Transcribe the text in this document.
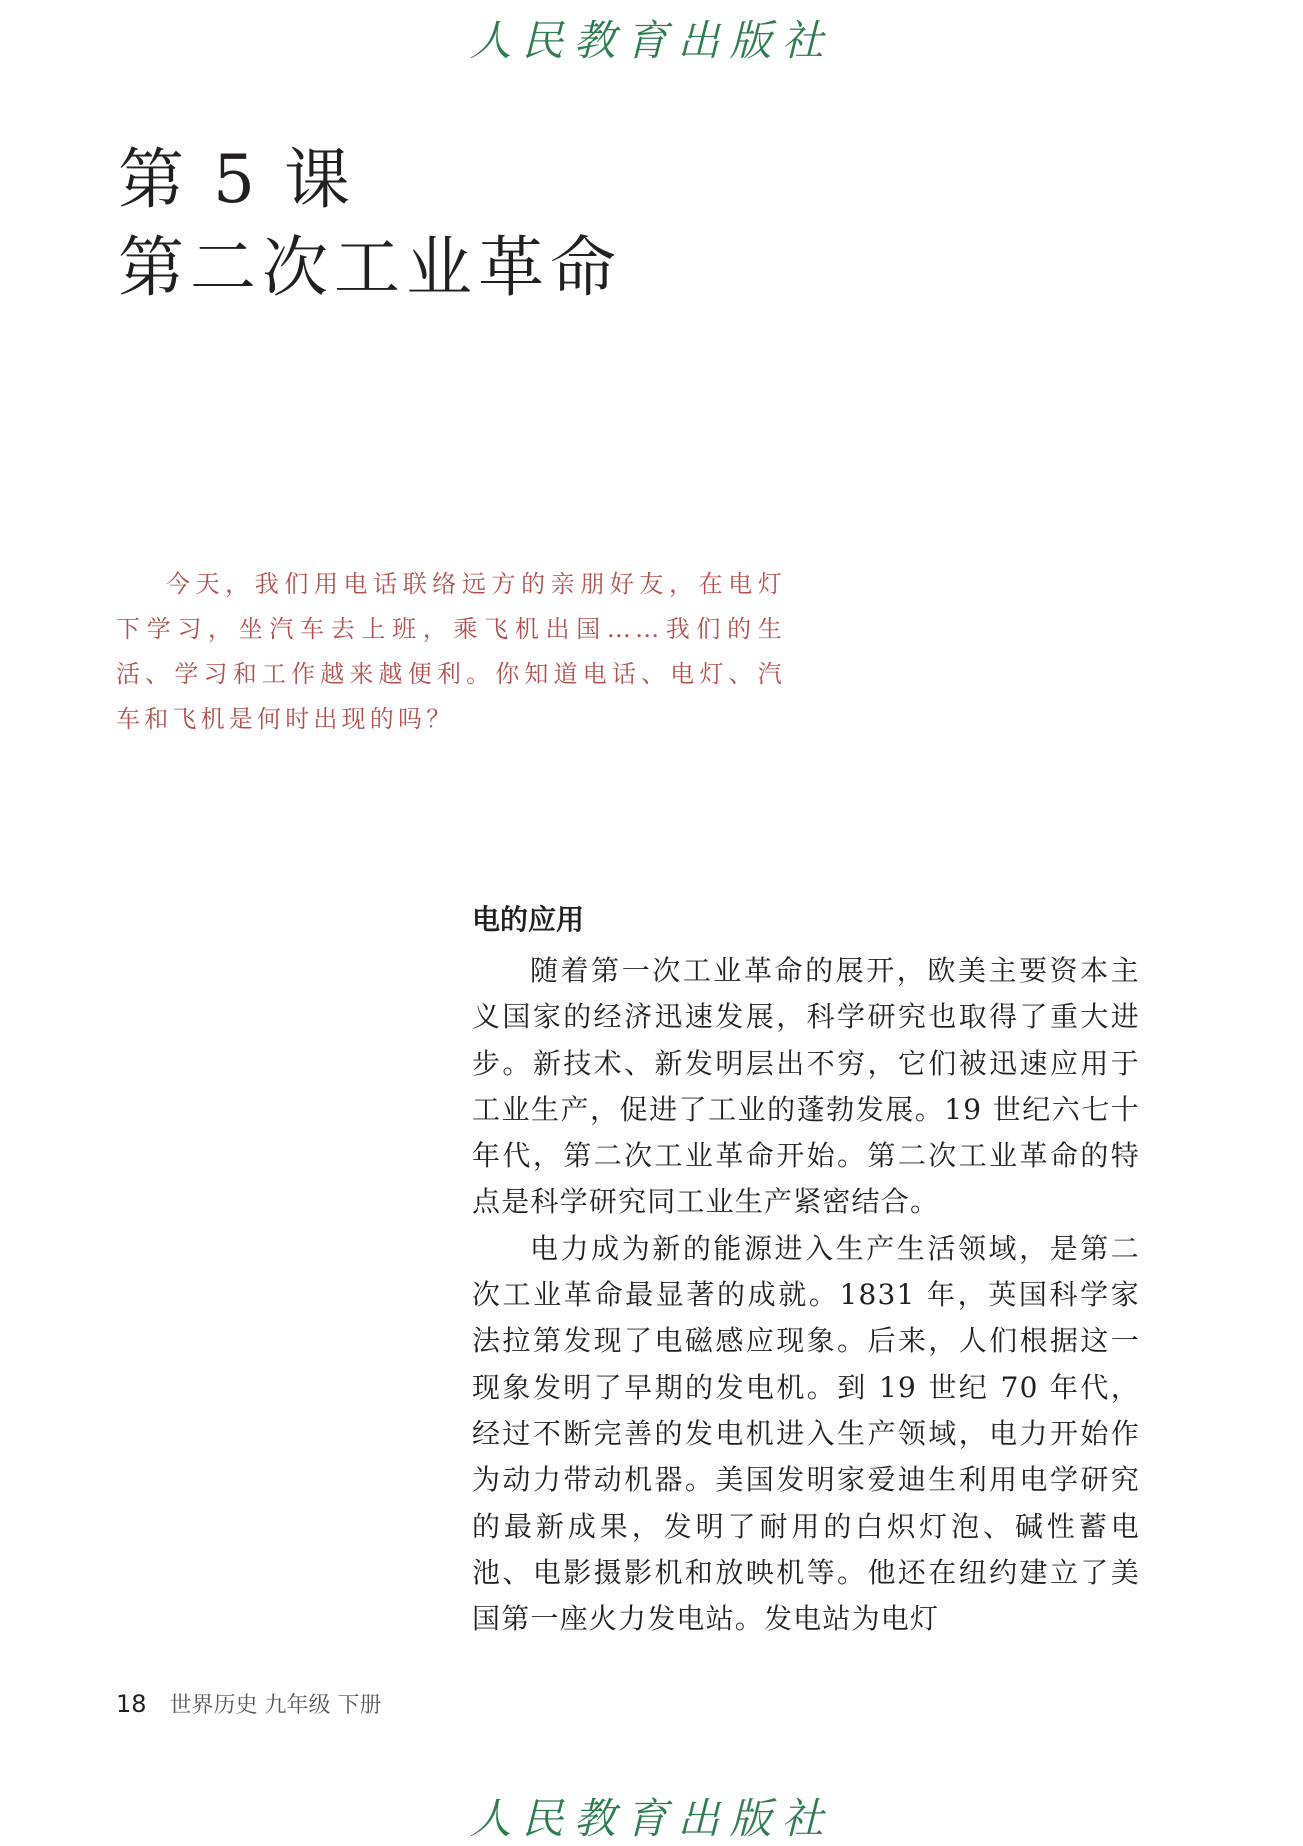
人民教育出版社
第 5 课
第二次工业革命
今天，我们用电话联络远方的亲朋好友，在电灯下学习，坐汽车去上班，乘飞机出国……我们的生活、学习和工作越来越便利。你知道电话、电灯、汽车和飞机是何时出现的吗？
电的应用

随着第一次工业革命的展开，欧美主要资本主义国家的经济迅速发展，科学研究也取得了重大进步。新技术、新发明层出不穷，它们被迅速应用于工业生产，促进了工业的蓬勃发展。19 世纪六七十年代，第二次工业革命开始。第二次工业革命的特点是科学研究同工业生产紧密结合。

电力成为新的能源进入生产生活领域，是第二次工业革命最显著的成就。1831 年，英国科学家法拉第发现了电磁感应现象。后来，人们根据这一现象发明了早期的发电机。到 19 世纪 70 年代，经过不断完善的发电机进入生产领域，电力开始作为动力带动机器。美国发明家爱迪生利用电学研究的最新成果，发明了耐用的白炽灯泡、碱性蓄电池、电影摄影机和放映机等。他还在纽约建立了美国第一座火力发电站。发电站为电灯

18 世界历史 九年级 下册
人民教育出版社
